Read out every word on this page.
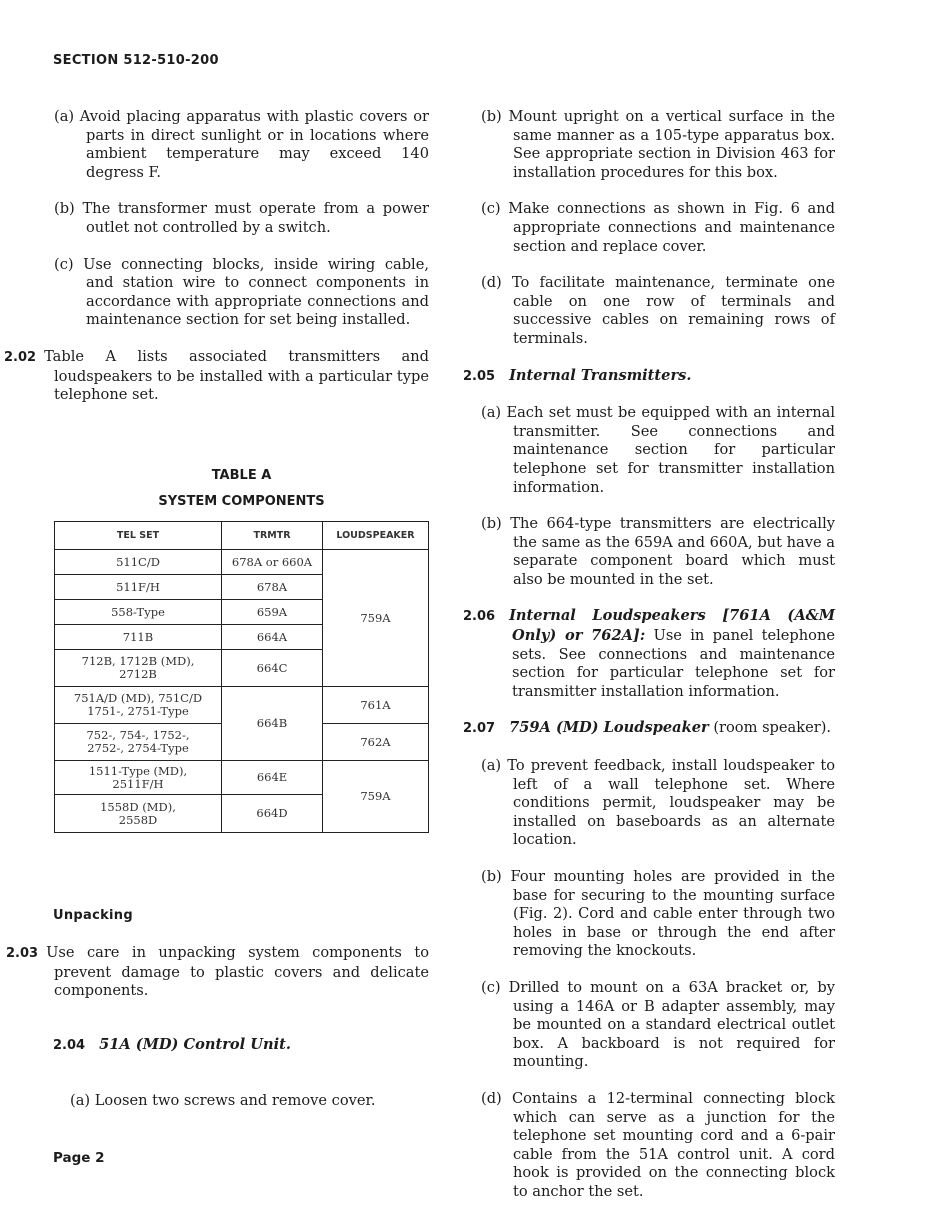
SECTION 512-510-200

(a) Avoid placing apparatus with plastic covers or parts in direct sunlight or in locations where ambient temperature may exceed 140 degress F.

(b) The transformer must operate from a power outlet not controlled by a switch.

(c) Use connecting blocks, inside wiring cable, and station wire to connect components in accordance with appropriate connections and maintenance section for set being installed.

2.02 Table A lists associated transmitters and loudspeakers to be installed with a particular type telephone set.

TABLE A
SYSTEM COMPONENTS
TEL SET	TRMTR	LOUDSPEAKER
511C/D	678A or 660A	759A
511F/H	678A	
558-Type	659A	
711B	664A	

712B, 1712B (MD),
2712B	664C	

751A/D (MD), 751C/D
1751-, 2751-Type	664B	761A

752-, 754-, 1752-,
2752-, 2754-Type		762A

1511-Type (MD),
2511F/H	664E	759A

1558D (MD),
2558D	664D	
Unpacking

2.03 Use care in unpacking system components to prevent damage to plastic covers and delicate components.

2.04 51A (MD) Control Unit.
(a) Loosen two screws and remove cover.
Page 2

(b) Mount upright on a vertical surface in the same manner as a 105-type apparatus box. See appropriate section in Division 463 for installation procedures for this box.

(c) Make connections as shown in Fig. 6 and appropriate connections and maintenance section and replace cover.

(d) To facilitate maintenance, terminate one cable on one row of terminals and successive cables on remaining rows of terminals.

2.05 Internal Transmitters.

(a) Each set must be equipped with an internal transmitter. See connections and maintenance section for particular telephone set for transmitter installation information.

(b) The 664-type transmitters are electrically the same as the 659A and 660A, but have a separate component board which must also be mounted in the set.

2.06 Internal Loudspeakers [761A (A&M Only) or 762A]: Use in panel telephone sets. See connections and maintenance section for particular telephone set for transmitter installation information.

2.07 759A (MD) Loudspeaker (room speaker).

(a) To prevent feedback, install loudspeaker to left of a wall telephone set. Where conditions permit, loudspeaker may be installed on baseboards as an alternate location.

(b) Four mounting holes are provided in the base for securing to the mounting surface (Fig. 2). Cord and cable enter through two holes in base or through the end after removing the knockouts.

(c) Drilled to mount on a 63A bracket or, by using a 146A or B adapter assembly, may be mounted on a standard electrical outlet box. A backboard is not required for mounting.

(d) Contains a 12-terminal connecting block which can serve as a junction for the telephone set mounting cord and a 6-pair cable from the 51A control unit. A cord hook is provided on the connecting block to anchor the set.
